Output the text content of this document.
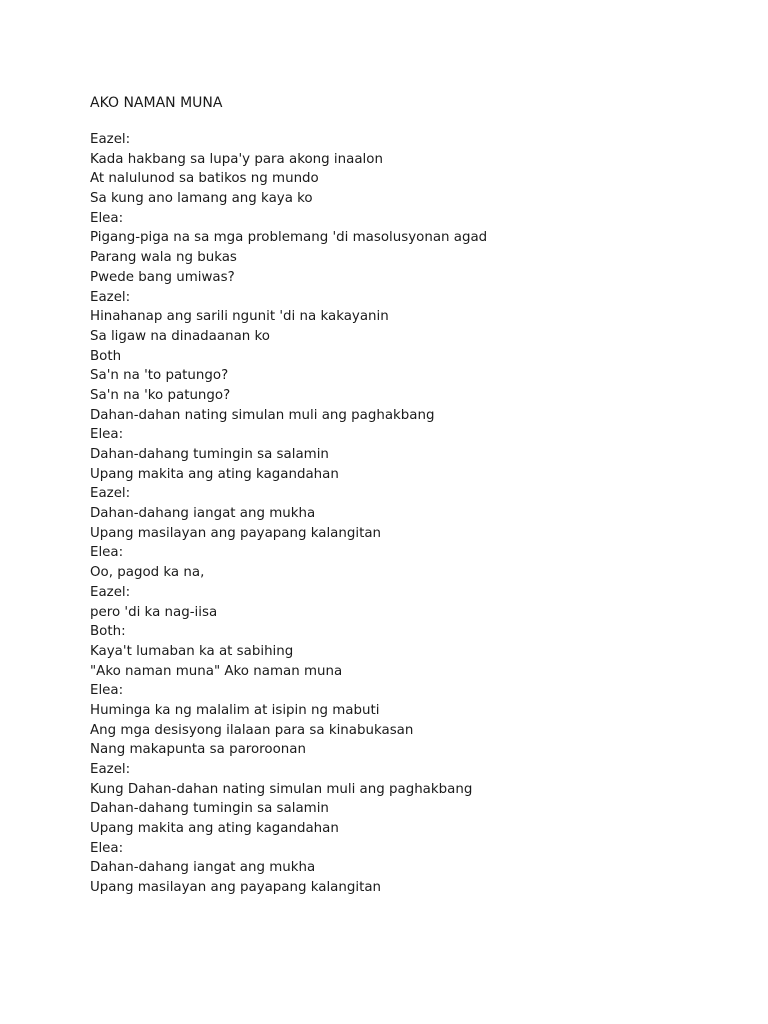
AKO NAMAN MUNA
Eazel:
Kada hakbang sa lupa'y para akong inaalon
At nalulunod sa batikos ng mundo
Sa kung ano lamang ang kaya ko
Elea:
Pigang-piga na sa mga problemang 'di masolusyonan agad
Parang wala ng bukas
Pwede bang umiwas?
Eazel:
Hinahanap ang sarili ngunit 'di na kakayanin
Sa ligaw na dinadaanan ko
Both
Sa'n na 'to patungo?
Sa'n na 'ko patungo?
Dahan-dahan nating simulan muli ang paghakbang
Elea:
Dahan-dahang tumingin sa salamin
Upang makita ang ating kagandahan
Eazel:
Dahan-dahang iangat ang mukha
Upang masilayan ang payapang kalangitan
Elea:
Oo, pagod ka na,
Eazel:
pero 'di ka nag-iisa
Both:
Kaya't lumaban ka at sabihing
"Ako naman muna" Ako naman muna
Elea:
Huminga ka ng malalim at isipin ng mabuti
Ang mga desisyong ilalaan para sa kinabukasan
Nang makapunta sa paroroonan
Eazel:
Kung Dahan-dahan nating simulan muli ang paghakbang
Dahan-dahang tumingin sa salamin
Upang makita ang ating kagandahan
Elea:
Dahan-dahang iangat ang mukha
Upang masilayan ang payapang kalangitan
